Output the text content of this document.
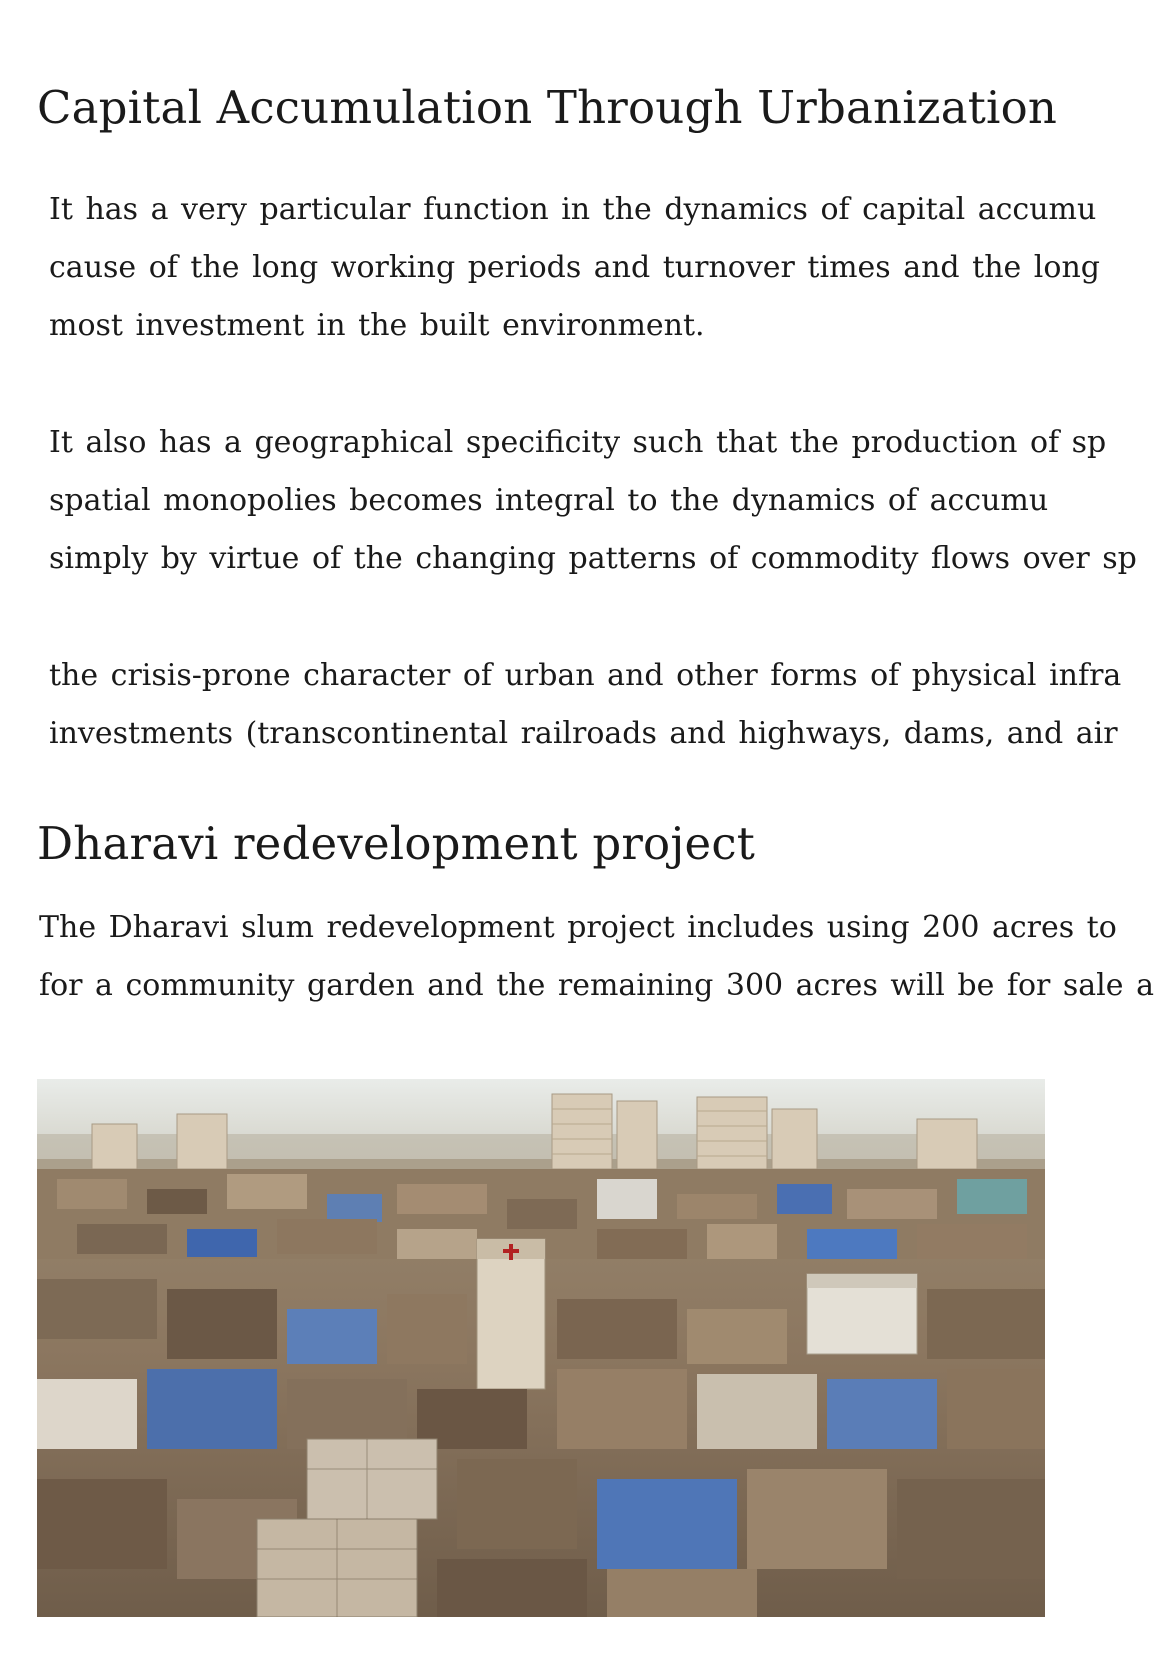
Capital Accumulation Through Urbanization
It has a very particular function in the dynamics of capital accumu
cause of the long working periods and turnover times and the long
most investment in the built environment.
It also has a geographical specificity such that the production of sp
spatial monopolies becomes integral to the dynamics of accumu
simply by virtue of the changing patterns of commodity flows over sp
the crisis-prone character of urban and other forms of physical infra
investments (transcontinental railroads and highways, dams, and air
Dharavi redevelopment project
The Dharavi slum redevelopment project includes using 200 acres to
for a community garden and the remaining 300 acres will be for sale a
